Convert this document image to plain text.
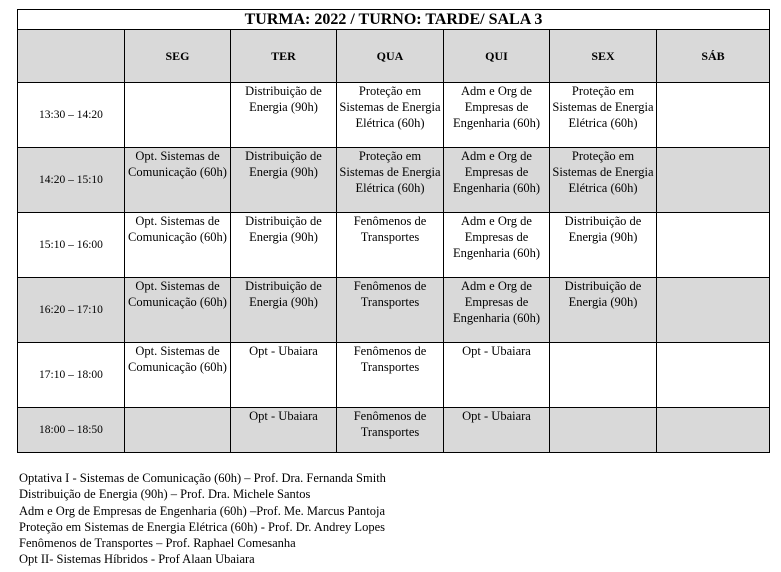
TURMA: 2022 / TURNO: TARDE/ SALA 3						
	SEG	TER	QUA	QUI	SEX	SÁB
13:30 – 14:20		Distribuição de Energia (90h)	Proteção em Sistemas de Energia Elétrica (60h)	Adm e Org de Empresas de Engenharia (60h)	Proteção em Sistemas de Energia Elétrica (60h)	
14:20 – 15:10	Opt. Sistemas de Comunicação (60h)	Distribuição de Energia (90h)	Proteção em Sistemas de Energia Elétrica (60h)	Adm e Org de Empresas de Engenharia (60h)	Proteção em Sistemas de Energia Elétrica (60h)	
15:10 – 16:00	Opt. Sistemas de Comunicação (60h)	Distribuição de Energia (90h)	Fenômenos de Transportes	Adm e Org de Empresas de Engenharia (60h)	Distribuição de Energia (90h)	
16:20 – 17:10	Opt. Sistemas de Comunicação (60h)	Distribuição de Energia (90h)	Fenômenos de Transportes	Adm e Org de Empresas de Engenharia (60h)	Distribuição de Energia (90h)	
17:10 – 18:00	Opt. Sistemas de Comunicação (60h)	Opt - Ubaiara	Fenômenos de Transportes	Opt - Ubaiara		
18:00 – 18:50		Opt - Ubaiara	Fenômenos de Transportes	Opt - Ubaiara		
Optativa I - Sistemas de Comunicação (60h) – Prof. Dra. Fernanda Smith
Distribuição de Energia (90h) – Prof. Dra. Michele Santos
Adm e Org de Empresas de Engenharia (60h) –Prof. Me. Marcus Pantoja
Proteção em Sistemas de Energia Elétrica (60h) - Prof. Dr. Andrey Lopes
Fenômenos de Transportes – Prof. Raphael Comesanha
Opt II- Sistemas Híbridos - Prof Alaan Ubaiara
